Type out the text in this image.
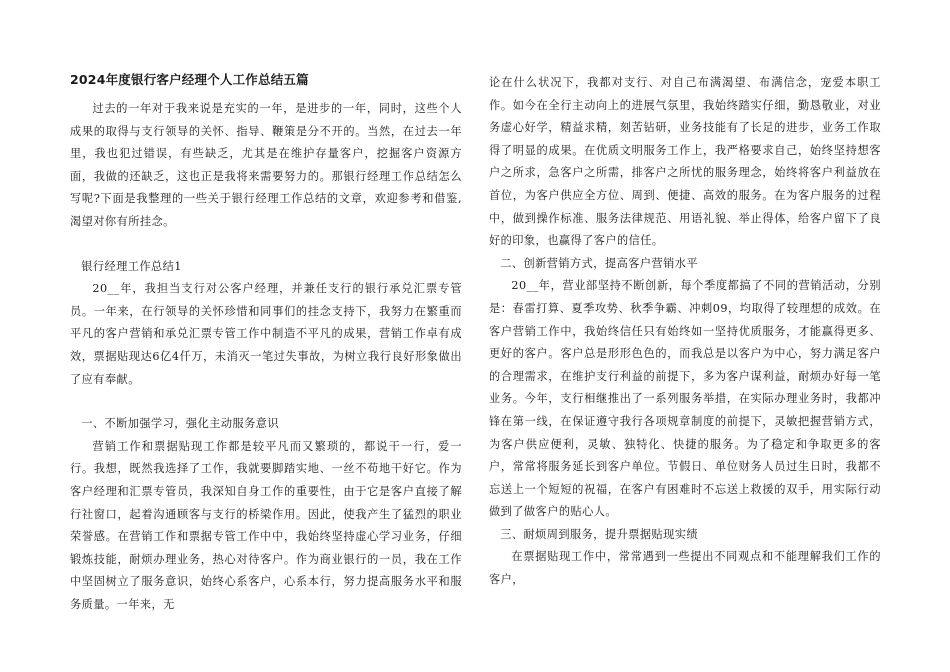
2024年度银行客户经理个人工作总结五篇

过去的一年对于我来说是充实的一年，是进步的一年，同时，这些个人成果的取得与支行领导的关怀、指导、鞭策是分不开的。当然，在过去一年里，我也犯过错误，有些缺乏，尤其是在维护存量客户，挖掘客户资源方面，我做的还缺乏，这也正是我将来需要努力的。那银行经理工作总结怎么写呢?下面是我整理的一些关于银行经理工作总结的文章，欢迎参考和借鉴,渴望对你有所挂念。

银行经理工作总结1

20__年，我担当支行对公客户经理，并兼任支行的银行承兑汇票专管员。一年来，在行领导的关怀珍惜和同事们的挂念支持下，我努力在繁重而平凡的客户营销和承兑汇票专管工作中制造不平凡的成果，营销工作卓有成效，票据贴现达6亿4仟万，未消灭一笔过失事故，为树立我行良好形象做出了应有奉献。

一、不断加强学习，强化主动服务意识

营销工作和票据贴现工作都是较平凡而又繁琐的，都说干一行，爱一行。我想，既然我选择了工作，我就要脚踏实地、一丝不苟地干好它。作为客户经理和汇票专管员，我深知自身工作的重要性，由于它是客户直接了解行社窗口，起着沟通顾客与支行的桥梁作用。因此，使我产生了猛烈的职业荣誉感。在营销工作和票据专管工作中中，我始终坚持虚心学习业务，仔细锻炼技能，耐烦办理业务，热心对待客户。作为商业银行的一员，我在工作中坚固树立了服务意识，始终心系客户，心系本行，努力提高服务水平和服务质量。一年来，无

论在什么状况下，我都对支行、对自己布满渴望、布满信念，宠爱本职工作。如今在全行主动向上的进展气氛里，我始终踏实仔细，勤恳敬业，对业务虚心好学，精益求精，刻苦钻研，业务技能有了长足的进步，业务工作取得了明显的成果。在优质文明服务工作上，我严格要求自己，始终坚持想客户之所求，急客户之所需，排客户之所忧的服务理念，始终将客户利益放在首位，为客户供应全方位、周到、便捷、高效的服务。在为客户服务的过程中，做到操作标准、服务法律规范、用语礼貌、举止得体，给客户留下了良好的印象，也赢得了客户的信任。

二、创新营销方式，提高客户营销水平

20__年，营业部坚持不断创新，每个季度都搞了不同的营销活动，分别是：春雷打算、夏季攻势、秋季争霸、冲刺09，均取得了较理想的成效。在客户营销工作中，我始终信任只有始终如一坚持优质服务，才能赢得更多、更好的客户。客户总是形形色色的，而我总是以客户为中心，努力满足客户的合理需求，在维护支行利益的前提下，多为客户谋利益，耐烦办好每一笔业务。今年，支行相继推出了一系列服务举措，在实际办理业务时，我都冲锋在第一线，在保证遵守我行各项规章制度的前提下，灵敏把握营销方式，为客户供应便利，灵敏、独特化、快捷的服务。为了稳定和争取更多的客户，常常将服务延长到客户单位。节假日、单位财务人员过生日时，我都不忘送上一个短短的祝福，在客户有困难时不忘送上救援的双手，用实际行动做到了做客户的贴心人。

三、耐烦周到服务，提升票据贴现实绩

在票据贴现工作中，常常遇到一些提出不同观点和不能理解我们工作的客户，
